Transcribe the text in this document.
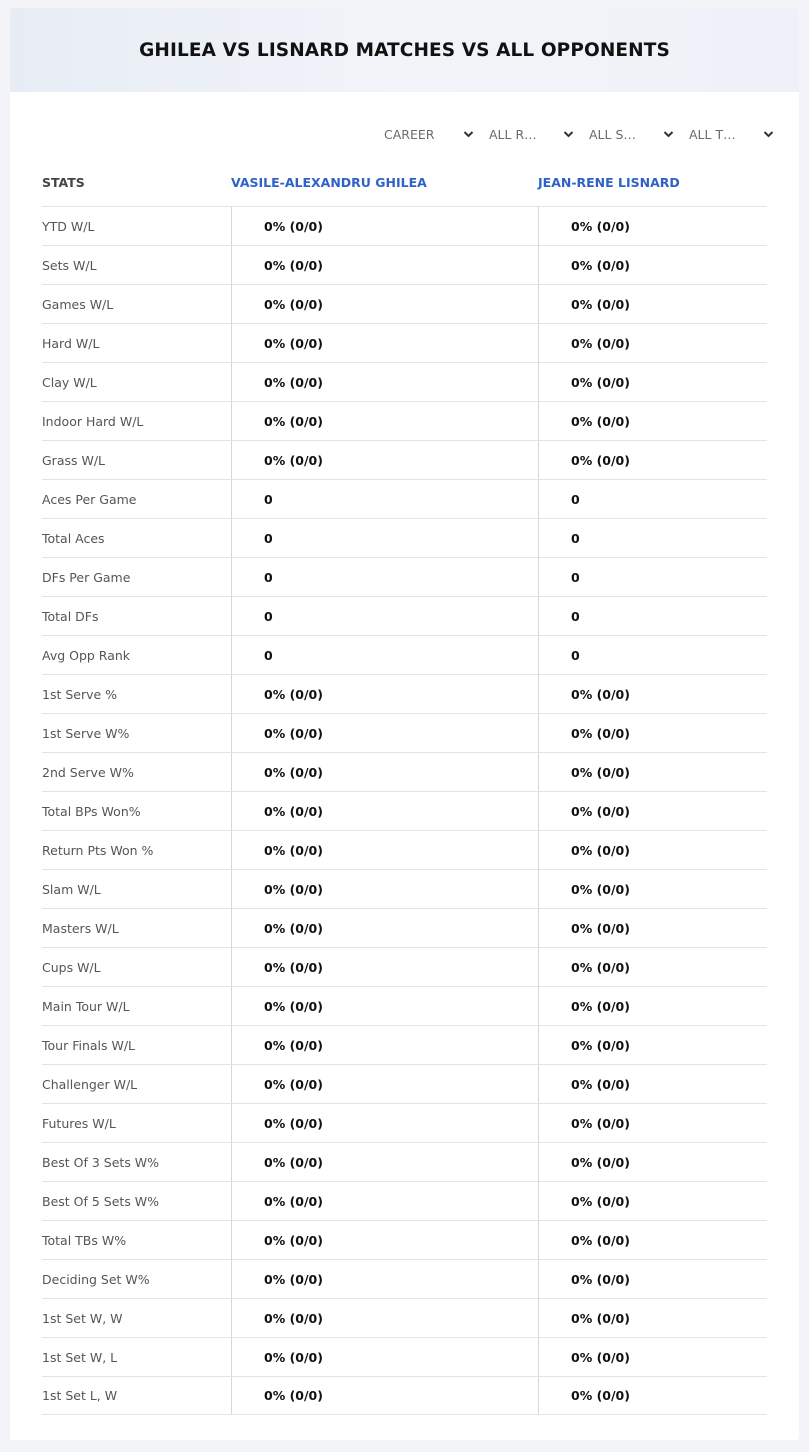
GHILEA VS LISNARD MATCHES VS ALL OPPONENTS
CAREER	ALL R…	ALL S…	ALL T…
STATS	VASILE-ALEXANDRU GHILEA	JEAN-RENE LISNARD
YTD W/L	0% (0/0)	0% (0/0)
Sets W/L	0% (0/0)	0% (0/0)
Games W/L	0% (0/0)	0% (0/0)
Hard W/L	0% (0/0)	0% (0/0)
Clay W/L	0% (0/0)	0% (0/0)
Indoor Hard W/L	0% (0/0)	0% (0/0)
Grass W/L	0% (0/0)	0% (0/0)
Aces Per Game	0	0
Total Aces	0	0
DFs Per Game	0	0
Total DFs	0	0
Avg Opp Rank	0	0
1st Serve %	0% (0/0)	0% (0/0)
1st Serve W%	0% (0/0)	0% (0/0)
2nd Serve W%	0% (0/0)	0% (0/0)
Total BPs Won%	0% (0/0)	0% (0/0)
Return Pts Won %	0% (0/0)	0% (0/0)
Slam W/L	0% (0/0)	0% (0/0)
Masters W/L	0% (0/0)	0% (0/0)
Cups W/L	0% (0/0)	0% (0/0)
Main Tour W/L	0% (0/0)	0% (0/0)
Tour Finals W/L	0% (0/0)	0% (0/0)
Challenger W/L	0% (0/0)	0% (0/0)
Futures W/L	0% (0/0)	0% (0/0)
Best Of 3 Sets W%	0% (0/0)	0% (0/0)
Best Of 5 Sets W%	0% (0/0)	0% (0/0)
Total TBs W%	0% (0/0)	0% (0/0)
Deciding Set W%	0% (0/0)	0% (0/0)
1st Set W, W	0% (0/0)	0% (0/0)
1st Set W, L	0% (0/0)	0% (0/0)
1st Set L, W	0% (0/0)	0% (0/0)
